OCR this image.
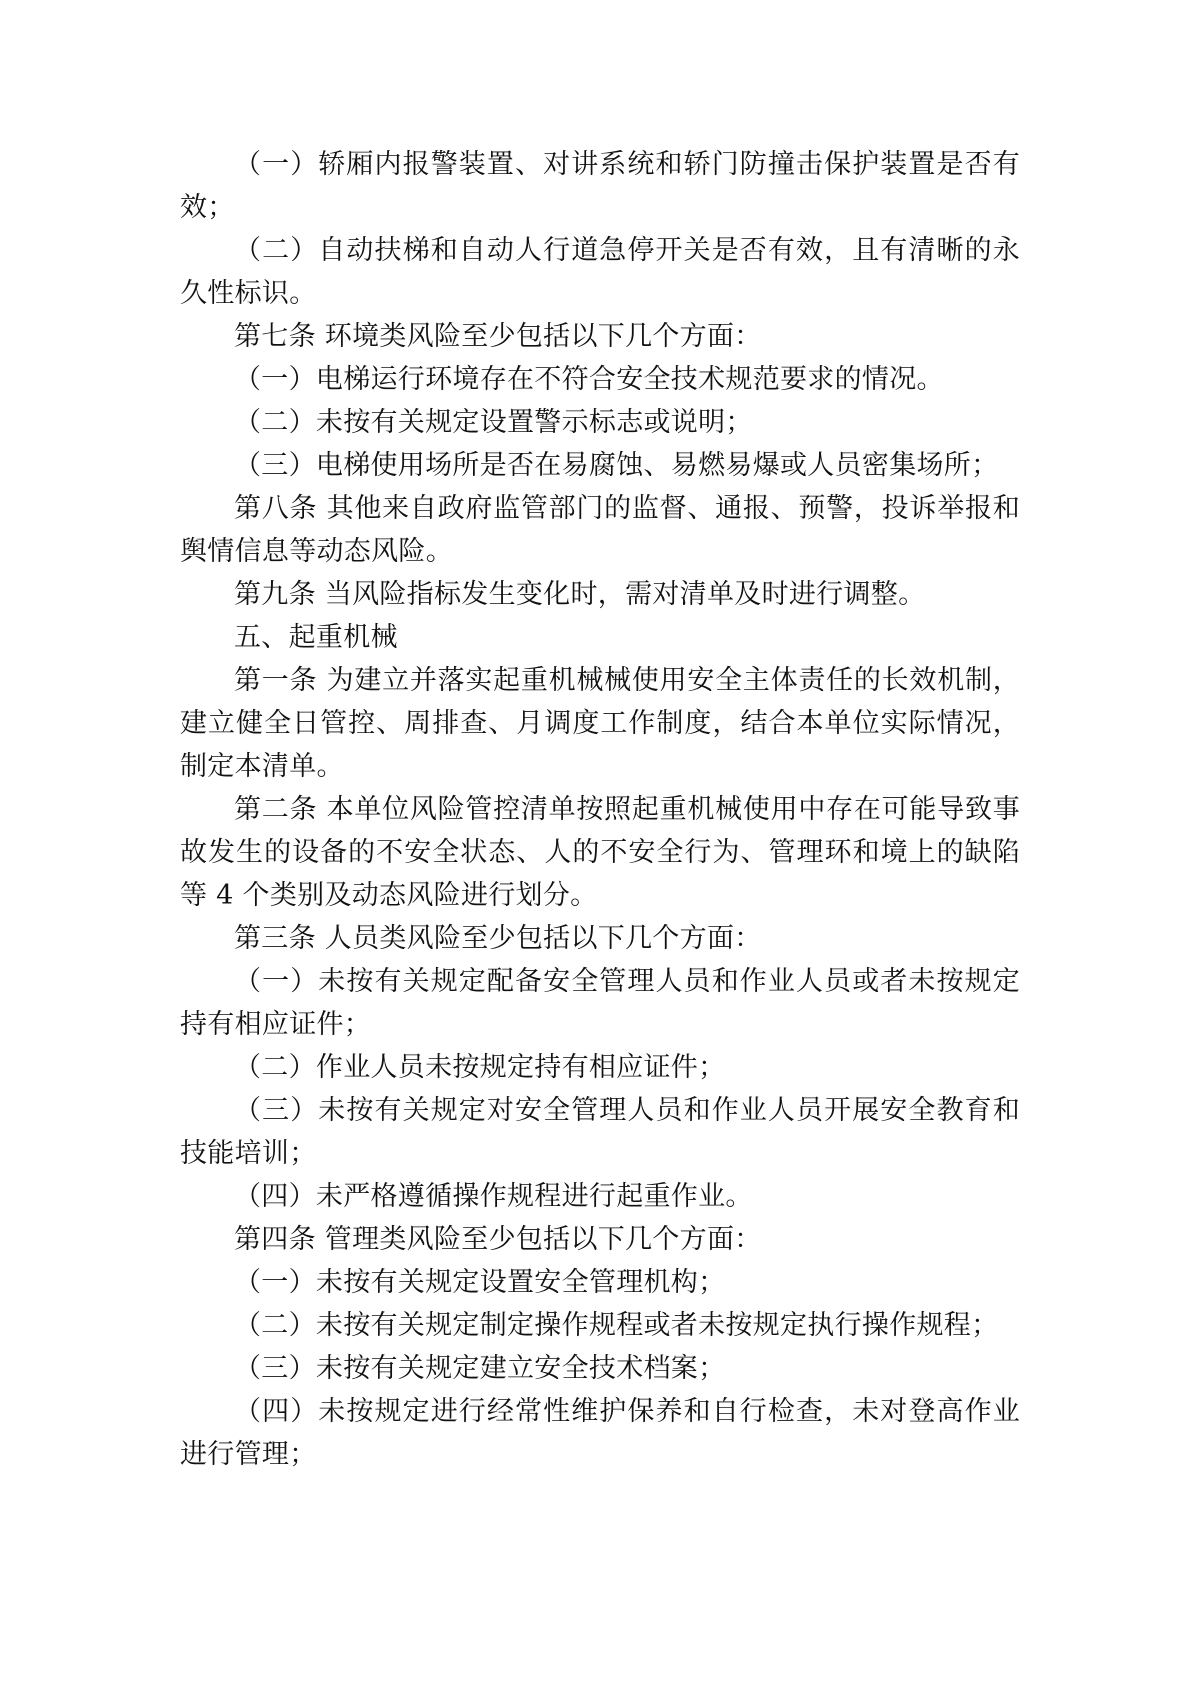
（一）轿厢内报警装置、对讲系统和轿门防撞击保护装置是否有效；

（二）自动扶梯和自动人行道急停开关是否有效，且有清晰的永久性标识。

第七条 环境类风险至少包括以下几个方面：

（一）电梯运行环境存在不符合安全技术规范要求的情况。

（二）未按有关规定设置警示标志或说明；

（三）电梯使用场所是否在易腐蚀、易燃易爆或人员密集场所；

第八条 其他来自政府监管部门的监督、通报、预警，投诉举报和舆情信息等动态风险。

第九条 当风险指标发生变化时，需对清单及时进行调整。

五、起重机械

第一条 为建立并落实起重机械械使用安全主体责任的长效机制，建立健全日管控、周排查、月调度工作制度，结合本单位实际情况，制定本清单。

第二条 本单位风险管控清单按照起重机械使用中存在可能导致事故发生的设备的不安全状态、人的不安全行为、管理环和境上的缺陷等 4 个类别及动态风险进行划分。

第三条 人员类风险至少包括以下几个方面：

（一）未按有关规定配备安全管理人员和作业人员或者未按规定持有相应证件；

（二）作业人员未按规定持有相应证件；

（三）未按有关规定对安全管理人员和作业人员开展安全教育和技能培训；

（四）未严格遵循操作规程进行起重作业。

第四条 管理类风险至少包括以下几个方面：

（一）未按有关规定设置安全管理机构；

（二）未按有关规定制定操作规程或者未按规定执行操作规程；

（三）未按有关规定建立安全技术档案；

（四）未按规定进行经常性维护保养和自行检查，未对登高作业进行管理；
